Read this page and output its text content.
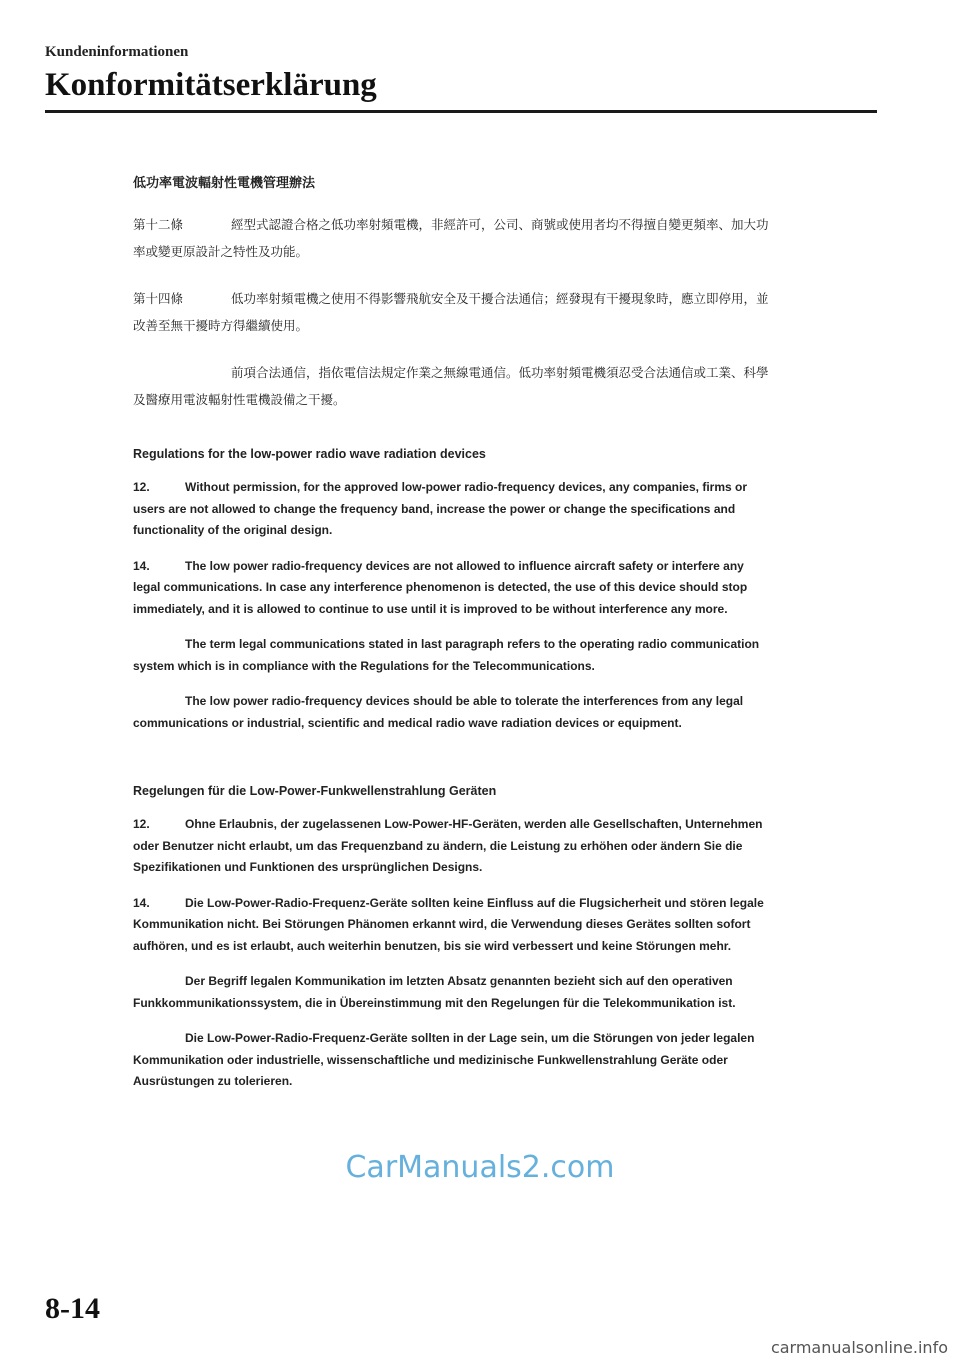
Kundeninformationen

Konformitätserklärung

低功率電波輻射性電機管理辦法

第十二條	經型式認證合格之低功率射頻電機，非經許可，公司、商號或使用者均不得擅自變更頻率、加大功率或變更原設計之特性及功能。

第十四條	低功率射頻電機之使用不得影響飛航安全及干擾合法通信；經發現有干擾現象時，應立即停用，並改善至無干擾時方得繼續使用。

前項合法通信，指依電信法規定作業之無線電通信。低功率射頻電機須忍受合法通信或工業、科學及醫療用電波輻射性電機設備之干擾。

Regulations for the low-power radio wave radiation devices

12.	Without permission, for the approved low-power radio-frequency devices, any companies, firms or users are not allowed to change the frequency band, increase the power or change the specifications and functionality of the original design.

14.	The low power radio-frequency devices are not allowed to influence aircraft safety or interfere any legal communications. In case any interference phenomenon is detected, the use of this device should stop immediately, and it is allowed to continue to use until it is improved to be without interference any more.

The term legal communications stated in last paragraph refers to the operating radio communication system which is in compliance with the Regulations for the Telecommunications.

The low power radio-frequency devices should be able to tolerate the interferences from any legal communications or industrial, scientific and medical radio wave radiation devices or equipment.

Regelungen für die Low-Power-Funkwellenstrahlung Geräten

12.	Ohne Erlaubnis, der zugelassenen Low-Power-HF-Geräten, werden alle Gesellschaften, Unternehmen oder Benutzer nicht erlaubt, um das Frequenzband zu ändern, die Leistung zu erhöhen oder ändern Sie die Spezifikationen und Funktionen des ursprünglichen Designs.

14.	Die Low-Power-Radio-Frequenz-Geräte sollten keine Einfluss auf die Flugsicherheit und stören legale Kommunikation nicht. Bei Störungen Phänomen erkannt wird, die Verwendung dieses Gerätes sollten sofort aufhören, und es ist erlaubt, auch weiterhin benutzen, bis sie wird verbessert und keine Störungen mehr.

Der Begriff legalen Kommunikation im letzten Absatz genannten bezieht sich auf den operativen Funkkommunikationssystem, die in Übereinstimmung mit den Regelungen für die Telekommunikation ist.

Die Low-Power-Radio-Frequenz-Geräte sollten in der Lage sein, um die Störungen von jeder legalen Kommunikation oder industrielle, wissenschaftliche und medizinische Funkwellenstrahlung Geräte oder Ausrüstungen zu tolerieren.

CarManuals2.com
8-14
carmanualsonline.info
